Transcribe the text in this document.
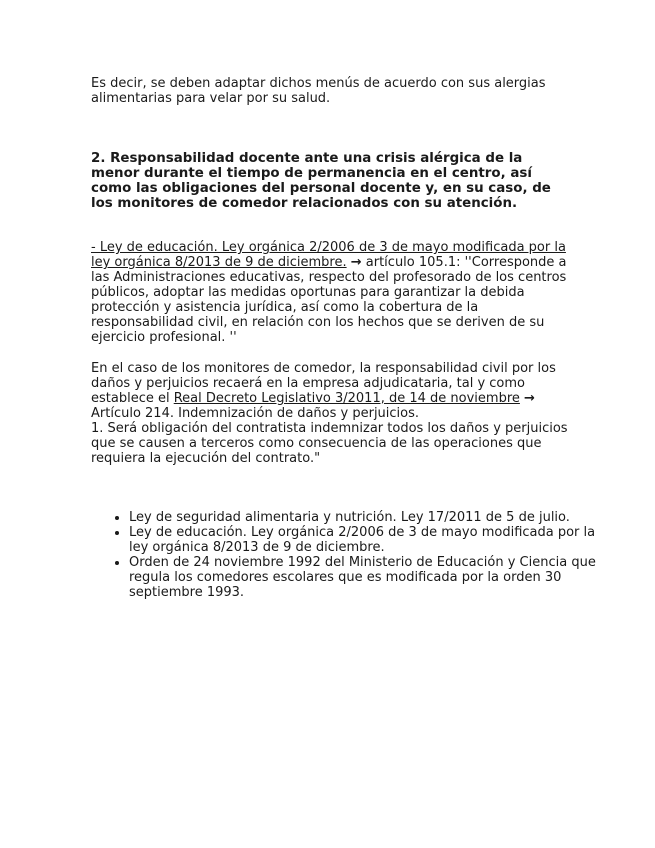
Es decir, se deben adaptar dichos menús de acuerdo con sus alergias alimentarias para velar por su salud.

2. Responsabilidad docente ante una crisis alérgica de la menor durante el tiempo de permanencia en el centro, así como las obligaciones del personal docente y, en su caso, de los monitores de comedor relacionados con su atención.

- Ley de educación. Ley orgánica 2/2006 de 3 de mayo modificada por la ley orgánica 8/2013 de 9 de diciembre. → artículo 105.1: ''Corresponde a las Administraciones educativas, respecto del profesorado de los centros públicos, adoptar las medidas oportunas para garantizar la debida protección y asistencia jurídica, así como la cobertura de la responsabilidad civil, en relación con los hechos que se deriven de su ejercicio profesional. ''

En el caso de los monitores de comedor, la responsabilidad civil por los daños y perjuicios recaerá en la empresa adjudicataria, tal y como establece el Real Decreto Legislativo 3/2011, de 14 de noviembre →
Artículo 214. Indemnización de daños y perjuicios.
1. Será obligación del contratista indemnizar todos los daños y perjuicios que se causen a terceros como consecuencia de las operaciones que requiera la ejecución del contrato."

• Ley de seguridad alimentaria y nutrición. Ley 17/2011 de 5 de julio.
• Ley de educación. Ley orgánica 2/2006 de 3 de mayo modificada por la ley orgánica 8/2013 de 9 de diciembre.
• Orden de 24 noviembre 1992 del Ministerio de Educación y Ciencia que regula los comedores escolares que es modificada por la orden 30 septiembre 1993.
